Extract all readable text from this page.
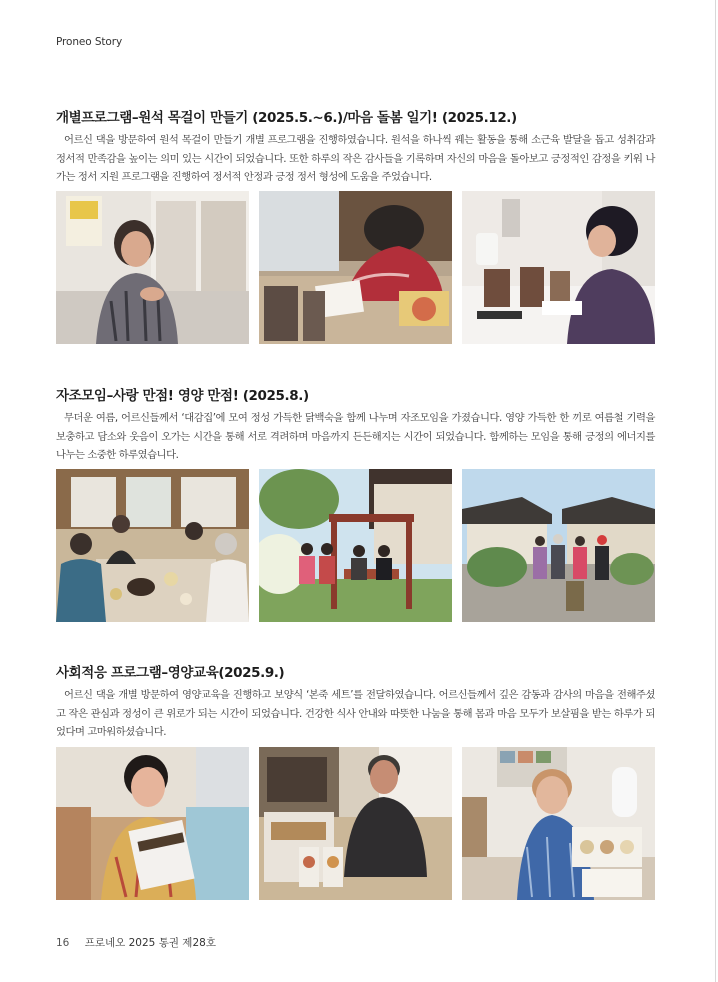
Proneo Story
개별프로그램–원석 목걸이 만들기 (2025.5.~6.)/마음 돌봄 일기! (2025.12.)

어르신 댁을 방문하여 원석 목걸이 만들기 개별 프로그램을 진행하였습니다. 원석을 하나씩 꿰는 활동을 통해 소근육 발달을 돕고 성취감과 정서적 만족감을 높이는 의미 있는 시간이 되었습니다. 또한 하루의 작은 감사들을 기록하며 자신의 마음을 돌아보고 긍정적인 감정을 키워 나가는 정서 지원 프로그램을 진행하여 정서적 안정과 긍정 정서 형성에 도움을 주었습니다.

자조모임–사랑 만점! 영양 만점! (2025.8.)

무더운 여름, 어르신들께서 ‘대감집’에 모여 정성 가득한 닭백숙을 함께 나누며 자조모임을 가졌습니다. 영양 가득한 한 끼로 여름철 기력을 보충하고 담소와 웃음이 오가는 시간을 통해 서로 격려하며 마음까지 든든해지는 시간이 되었습니다. 함께하는 모임을 통해 긍정의 에너지를 나누는 소중한 하루였습니다.

사회적응 프로그램–영양교육(2025.9.)

어르신 댁을 개별 방문하여 영양교육을 진행하고 보양식 ‘본죽 세트’를 전달하였습니다. 어르신들께서 깊은 감동과 감사의 마음을 전해주셨고 작은 관심과 정성이 큰 위로가 되는 시간이 되었습니다. 건강한 식사 안내와 따뜻한 나눔을 통해 몸과 마음 모두가 보살핌을 받는 하루가 되었다며 고마워하셨습니다.

16 프로네오 2025 통권 제28호
